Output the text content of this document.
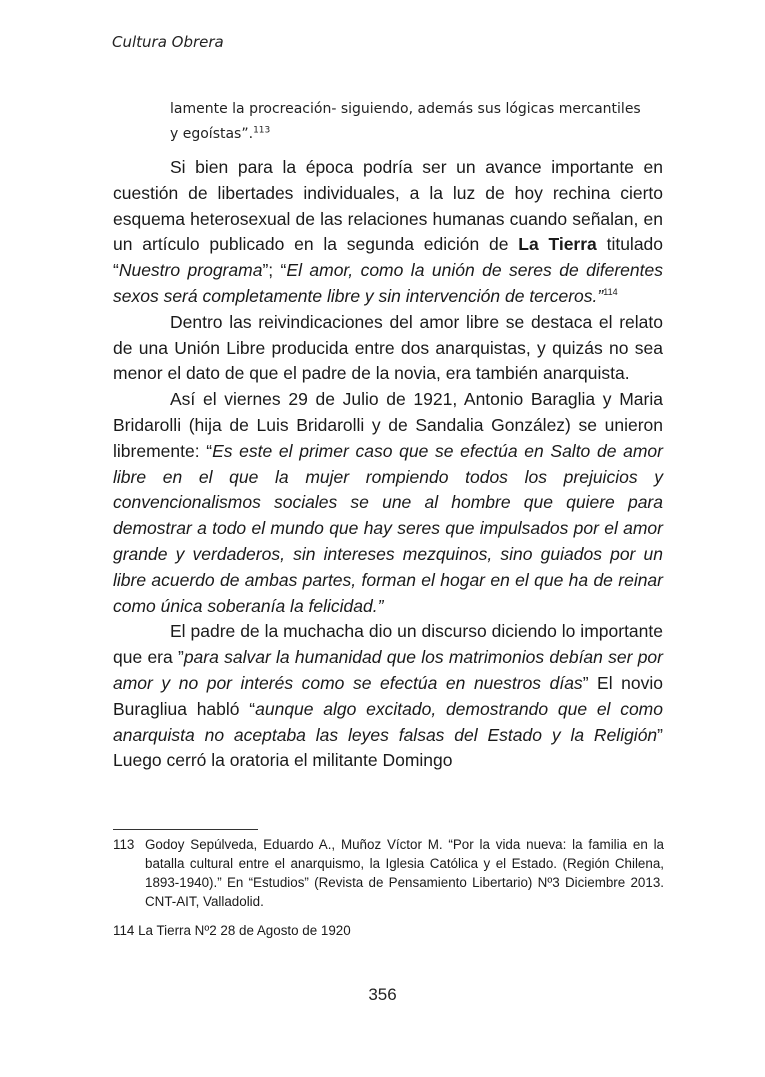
Cultura Obrera

lamente la procreación- siguiendo, además sus lógicas mercantiles

y egoístas”.$^{113}$

Si bien para la época podría ser un avance importante en cuestión de libertades individuales, a la luz de hoy rechina cierto esquema heterosexual de las relaciones humanas cuando señalan, en un artículo publicado en la segunda edición de La Tierra titulado “Nuestro programa”; “El amor, como la unión de seres de diferentes sexos será completamente libre y sin intervención de terceros.”$^{114}$

Dentro las reivindicaciones del amor libre se destaca el relato de una Unión Libre producida entre dos anarquistas, y quizás no sea menor el dato de que el padre de la novia, era también anarquista.

Así el viernes 29 de Julio de 1921, Antonio Baraglia y Maria Bridarolli (hija de Luis Bridarolli y de Sandalia González) se unieron libremente: “Es este el primer caso que se efectúa en Salto de amor libre en el que la mujer rompiendo todos los prejuicios y convencionalismos sociales se une al hombre que quiere para demostrar a todo el mundo que hay seres que impulsados por el amor grande y verdaderos, sin intereses mezquinos, sino guiados por un libre acuerdo de ambas partes, forman el hogar en el que ha de reinar como única soberanía la felicidad.”

El padre de la muchacha dio un discurso diciendo lo importante que era ”para salvar la humanidad que los matrimonios debían ser por amor y no por interés como se efectúa en nuestros días” El novio Buragliua habló “aunque algo excitado, demostrando que el como anarquista no aceptaba las leyes falsas del Estado y la Religión” Luego cerró la oratoria el militante Domingo

113 Godoy Sepúlveda, Eduardo A., Muñoz Víctor M. “Por la vida nueva: la familia en la batalla cultural entre el anarquismo, la Iglesia Católica y el Estado. (Región Chilena, 1893-1940).” En “Estudios” (Revista de Pensamiento Libertario) Nº3 Diciembre 2013. CNT-AIT, Valladolid.

114 La Tierra Nº2 28 de Agosto de 1920

356
